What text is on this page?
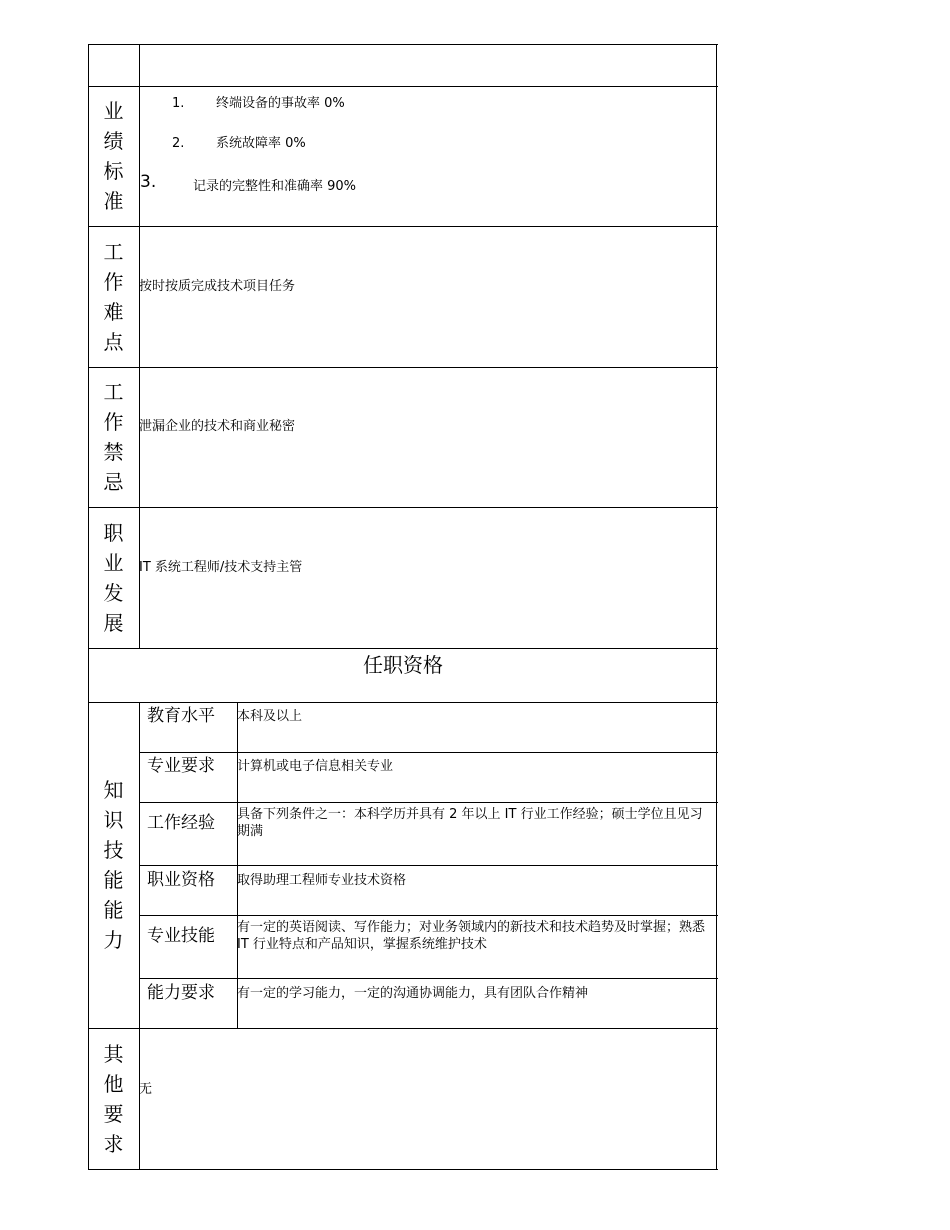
业绩标准
1. 终端设备的事故率 0%
2. 系统故障率 0%
3.	记录的完整性和准确率 90%
工作难点
按时按质完成技术项目任务
工作禁忌
泄漏企业的技术和商业秘密
职业发展
IT 系统工程师/技术支持主管
任职资格
知识技能能力
教育水平 本科及以上
专业要求 计算机或电子信息相关专业
工作经验 具备下列条件之一：本科学历并具有 2 年以上 IT 行业工作经验；硕士学位且见习期满
职业资格 取得助理工程师专业技术资格
专业技能 有一定的英语阅读、写作能力；对业务领域内的新技术和技术趋势及时掌握；熟悉 IT 行业特点和产品知识，掌握系统维护技术
能力要求 有一定的学习能力，一定的沟通协调能力，具有团队合作精神
其他要求
无
